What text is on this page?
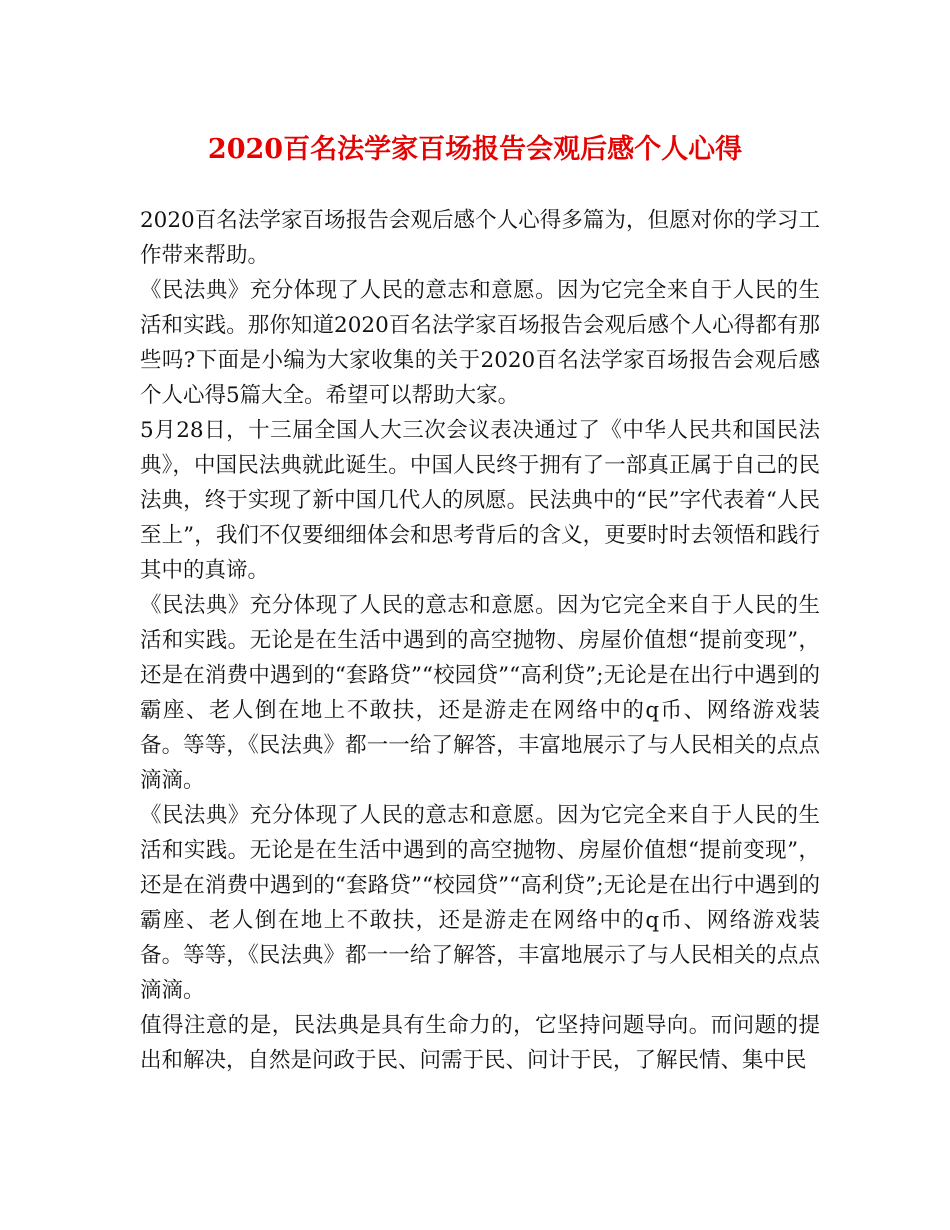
2020百名法学家百场报告会观后感个人心得

2020百名法学家百场报告会观后感个人心得多篇为，但愿对你的学习工作带来帮助。

《民法典》充分体现了人民的意志和意愿。因为它完全来自于人民的生活和实践。那你知道2020百名法学家百场报告会观后感个人心得都有那些吗?下面是小编为大家收集的关于2020百名法学家百场报告会观后感个人心得5篇大全。希望可以帮助大家。

5月28日，十三届全国人大三次会议表决通过了《中华人民共和国民法典》，中国民法典就此诞生。中国人民终于拥有了一部真正属于自己的民法典，终于实现了新中国几代人的夙愿。民法典中的“民”字代表着“人民至上”，我们不仅要细细体会和思考背后的含义，更要时时去领悟和践行其中的真谛。

《民法典》充分体现了人民的意志和意愿。因为它完全来自于人民的生活和实践。无论是在生活中遇到的高空抛物、房屋价值想“提前变现”，还是在消费中遇到的“套路贷”“校园贷”“高利贷”;无论是在出行中遇到的霸座、老人倒在地上不敢扶，还是游走在网络中的q币、网络游戏装备。等等，《民法典》都一一给了解答，丰富地展示了与人民相关的点点滴滴。

《民法典》充分体现了人民的意志和意愿。因为它完全来自于人民的生活和实践。无论是在生活中遇到的高空抛物、房屋价值想“提前变现”，还是在消费中遇到的“套路贷”“校园贷”“高利贷”;无论是在出行中遇到的霸座、老人倒在地上不敢扶，还是游走在网络中的q币、网络游戏装备。等等，《民法典》都一一给了解答，丰富地展示了与人民相关的点点滴滴。

值得注意的是，民法典是具有生命力的，它坚持问题导向。而问题的提出和解决，自然是问政于民、问需于民、问计于民，了解民情、集中民
